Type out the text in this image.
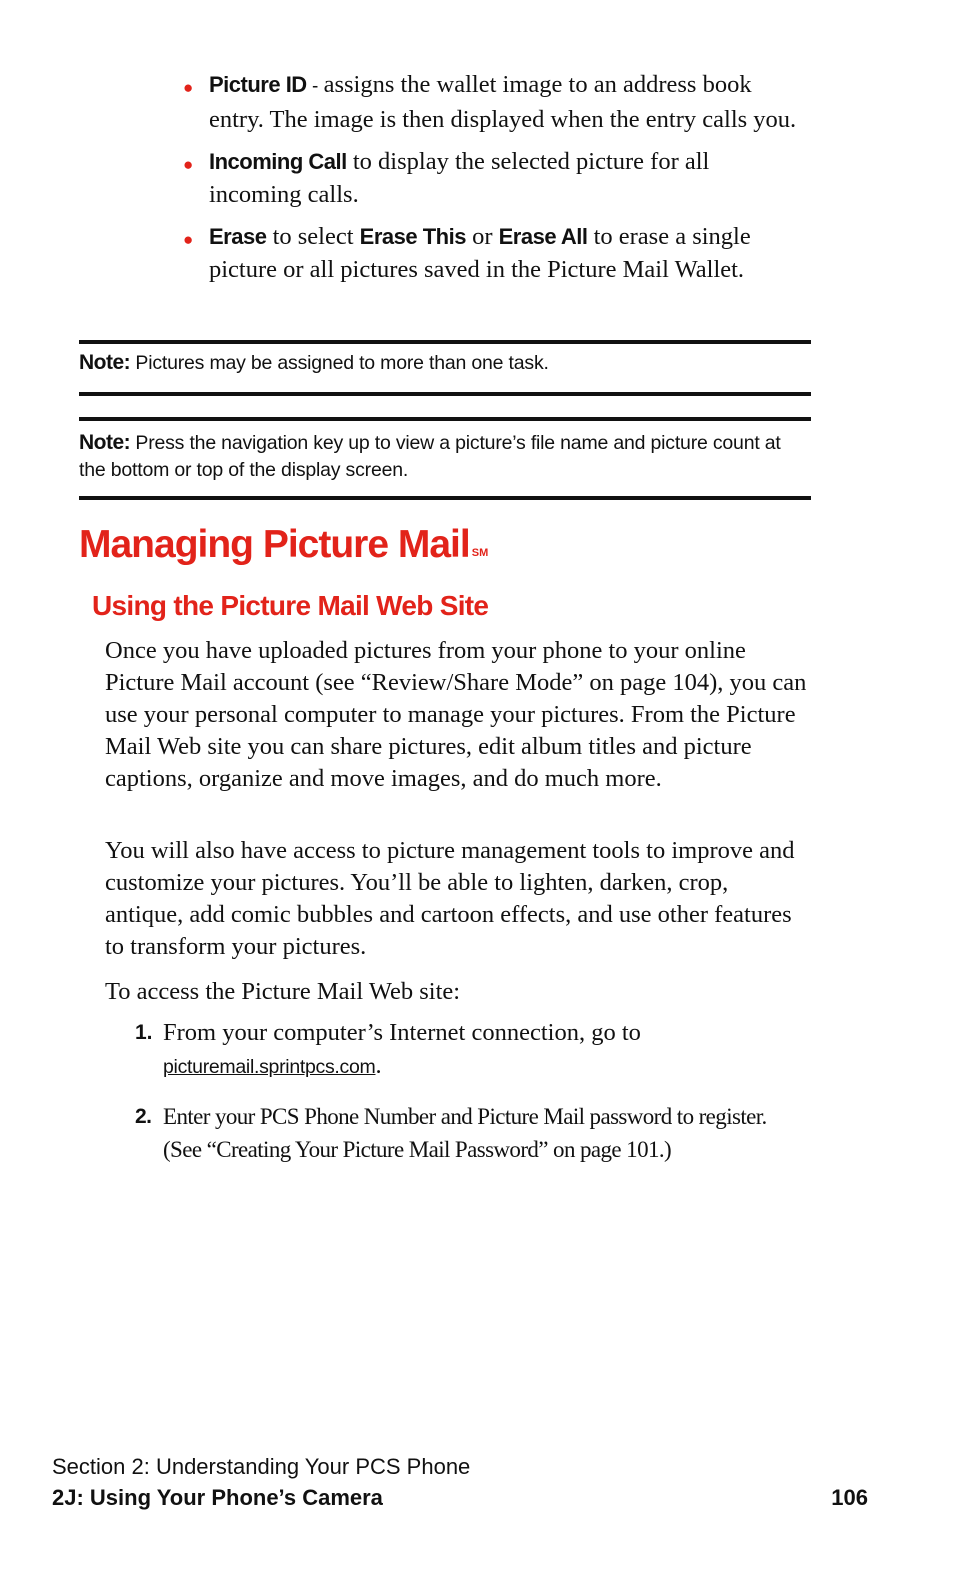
● Picture ID - assigns the wallet image to an address book entry. The image is then displayed when the entry calls you.
● Incoming Call to display the selected picture for all incoming calls.
● Erase to select Erase This or Erase All to erase a single picture or all pictures saved in the Picture Mail Wallet.
Note: Pictures may be assigned to more than one task.
Note: Press the navigation key up to view a picture’s file name and picture count at the bottom or top of the display screen.
Managing Picture Mail ℠
Using the Picture Mail Web Site

Once you have uploaded pictures from your phone to your online Picture Mail account (see “Review/Share Mode” on page 104), you can use your personal computer to manage your pictures. From the Picture Mail Web site you can share pictures, edit album titles and picture captions, organize and move images, and do much more.

You will also have access to picture management tools to improve and customize your pictures. You’ll be able to lighten, darken, crop, antique, add comic bubbles and cartoon effects, and use other features to transform your pictures.

To access the Picture Mail Web site:

1. From your computer’s Internet connection, go to
picturemail.sprintpcs.com.
2. Enter your PCS Phone Number and Picture Mail password to register. (See “Creating Your Picture Mail Password” on page 101.)
Section 2: Understanding Your PCS Phone
2J: Using Your Phone’s Camera	106
